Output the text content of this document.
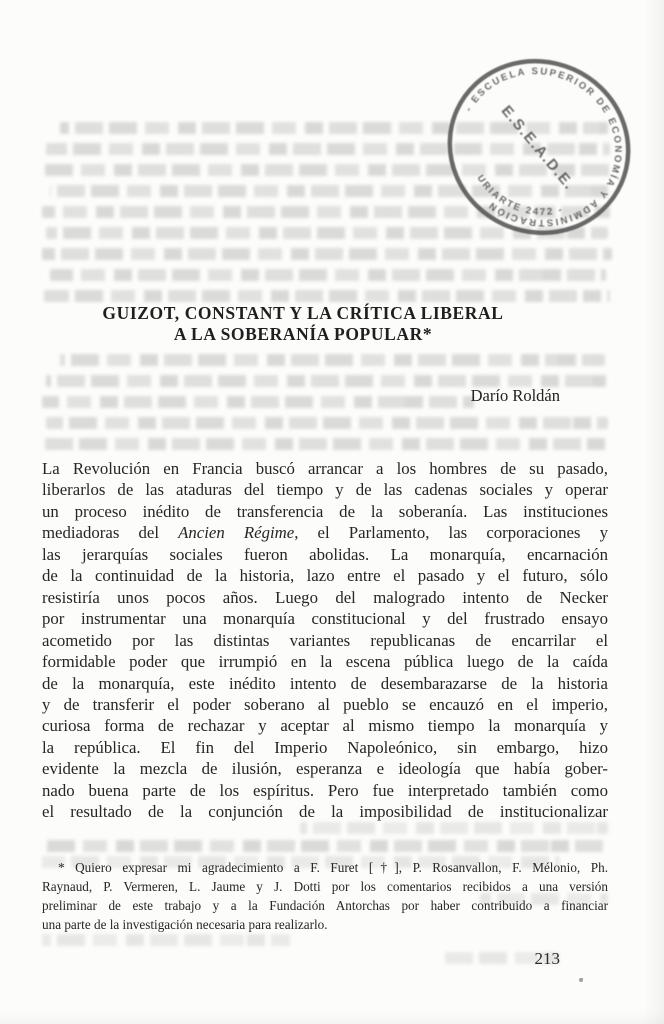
- ESCUELA SUPERIOR DE ECONOMÍA Y ADMINISTRACIÓN
URIARTE 2472 -
E.S.E.A.D.E.
GUIZOT, CONSTANT Y LA CRÍTICA LIBERAL
A LA SOBERANÍA POPULAR*
Darío Roldán
La Revolución en Francia buscó arrancar a los hombres de su pasado,
liberarlos de las ataduras del tiempo y de las cadenas sociales y operar
un proceso inédito de transferencia de la soberanía. Las instituciones
mediadoras del Ancien Régime, el Parlamento, las corporaciones y
las jerarquías sociales fueron abolidas. La monarquía, encarnación
de la continuidad de la historia, lazo entre el pasado y el futuro, sólo
resistiría unos pocos años. Luego del malogrado intento de Necker
por instrumentar una monarquía constitucional y del frustrado ensayo
acometido por las distintas variantes republicanas de encarrilar el
formidable poder que irrumpió en la escena pública luego de la caída
de la monarquía, este inédito intento de desembarazarse de la historia
y de transferir el poder soberano al pueblo se encauzó en el imperio,
curiosa forma de rechazar y aceptar al mismo tiempo la monarquía y
la república. El fin del Imperio Napoleónico, sin embargo, hizo
evidente la mezcla de ilusión, esperanza e ideología que había gober-
nado buena parte de los espíritus. Pero fue interpretado también como
el resultado de la conjunción de la imposibilidad de institucionalizar
* Quiero expresar mi agradecimiento a F. Furet [†], P. Rosanvallon, F. Mélonio, Ph.
Raynaud, P. Vermeren, L. Jaume y J. Dotti por los comentarios recibidos a una versión
preliminar de este trabajo y a la Fundación Antorchas por haber contribuido a financiar
una parte de la investigación necesaria para realizarlo.
213
